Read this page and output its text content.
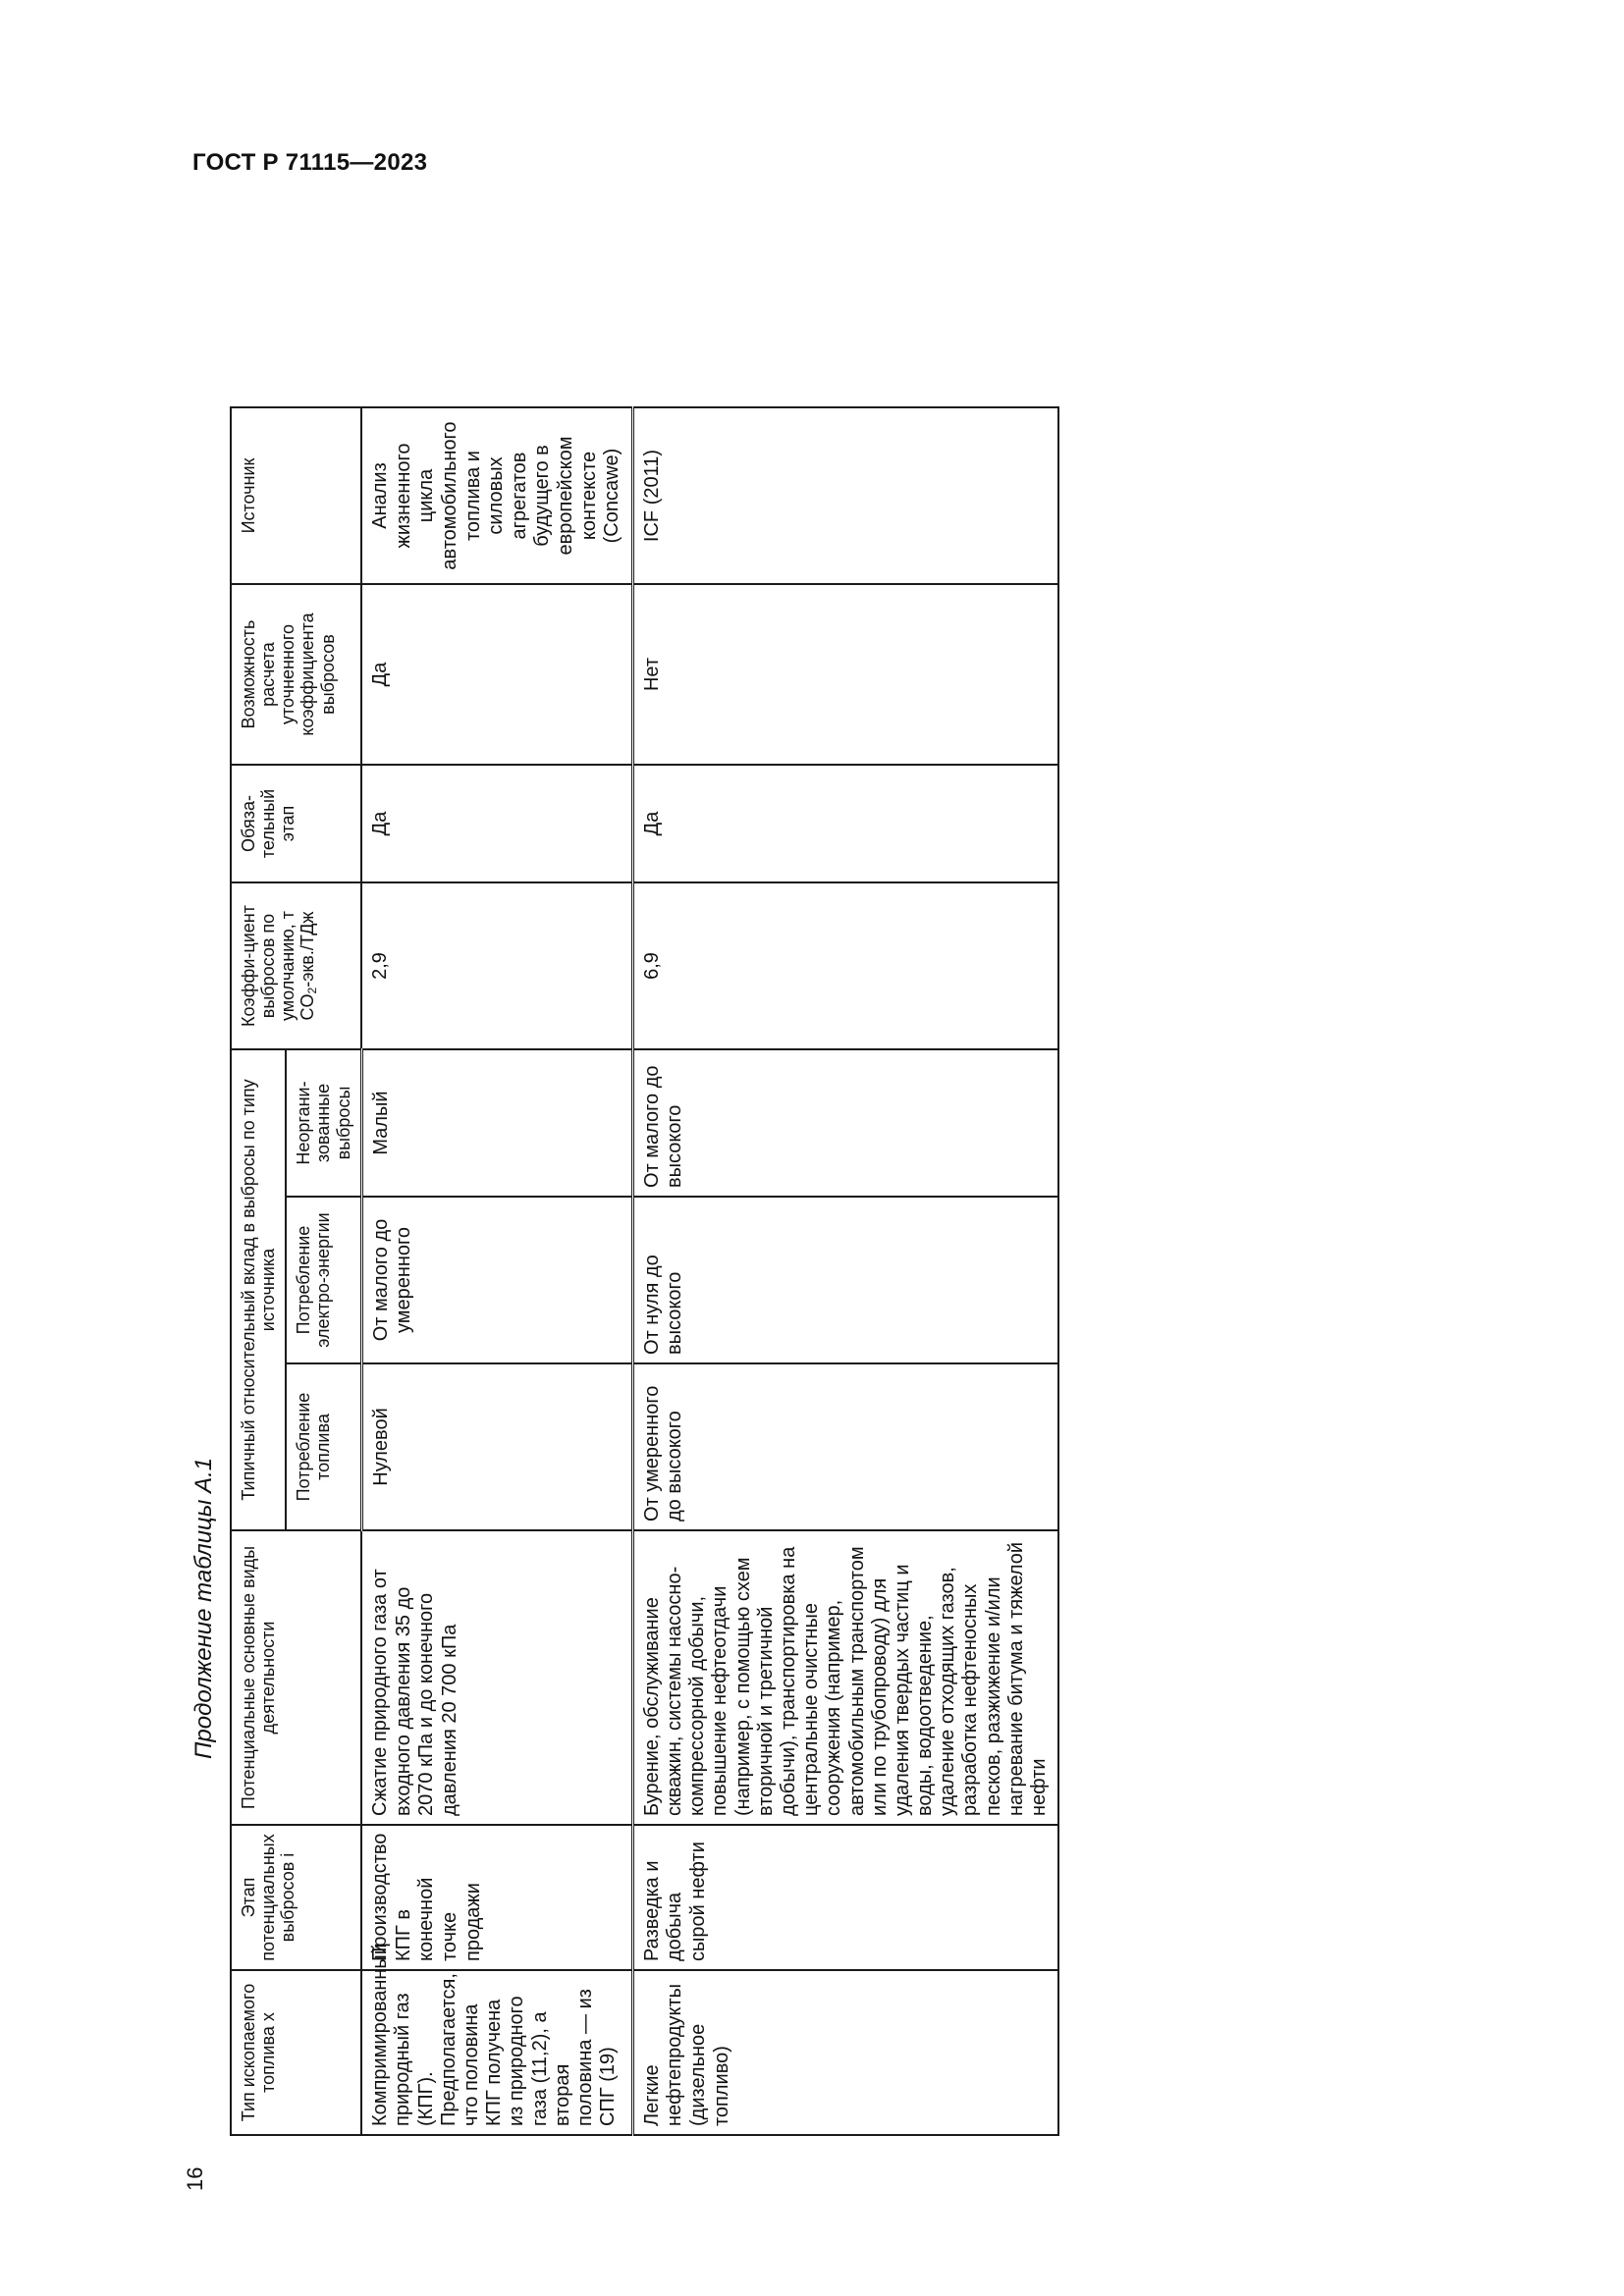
ГОСТ Р 71115—2023
16
Продолжение таблицы А.1
Тип ископаемого топлива x	Этап потенциальных выбросов i	Потенциальные основные виды деятельности	Типичный относительный вклад в выбросы по типу источника			Коэффи-циент выбросов по умолчанию, т $CO_2-экв$./ТДж	Обяза-тельный этап	Возможность расчета уточненного коэффициента выбросов	Источник
			Потребление топлива	Потребление электро-энергии	Неоргани-зованные выбросы				
Компримированный природный газ (КПГ). Предполагается, что половина КПГ получена из природного газа (11,2), а вторая половина — из СПГ (19)	Производство КПГ в конечной точке продажи	Сжатие природного газа от входного давления 35 до 2070 кПа и до конечного давления 20 700 кПа	Нулевой	От малого до умеренного	Малый	2,9	Да	Да	Анализ жизненного цикла автомобильного топлива и силовых агрегатов будущего в европейском контексте (Concawe)
Легкие нефтепродукты (дизельное топливо)	Разведка и добыча сырой нефти	Бурение, обслуживание скважин, системы насосно-компрессорной добычи, повышение нефтеотдачи (например, с помощью схем вторичной и третичной добычи), транспортировка на центральные очистные сооружения (например, автомобильным транспортом или по трубопроводу) для удаления твердых частиц и воды, водоотведение, удаление отходящих газов, разработка нефтеносных песков, разжижение и/или нагревание битума и тяжелой нефти	От умеренного до высокого	От нуля до высокого	От малого до высокого	6,9	Да	Нет	ICF (2011)
